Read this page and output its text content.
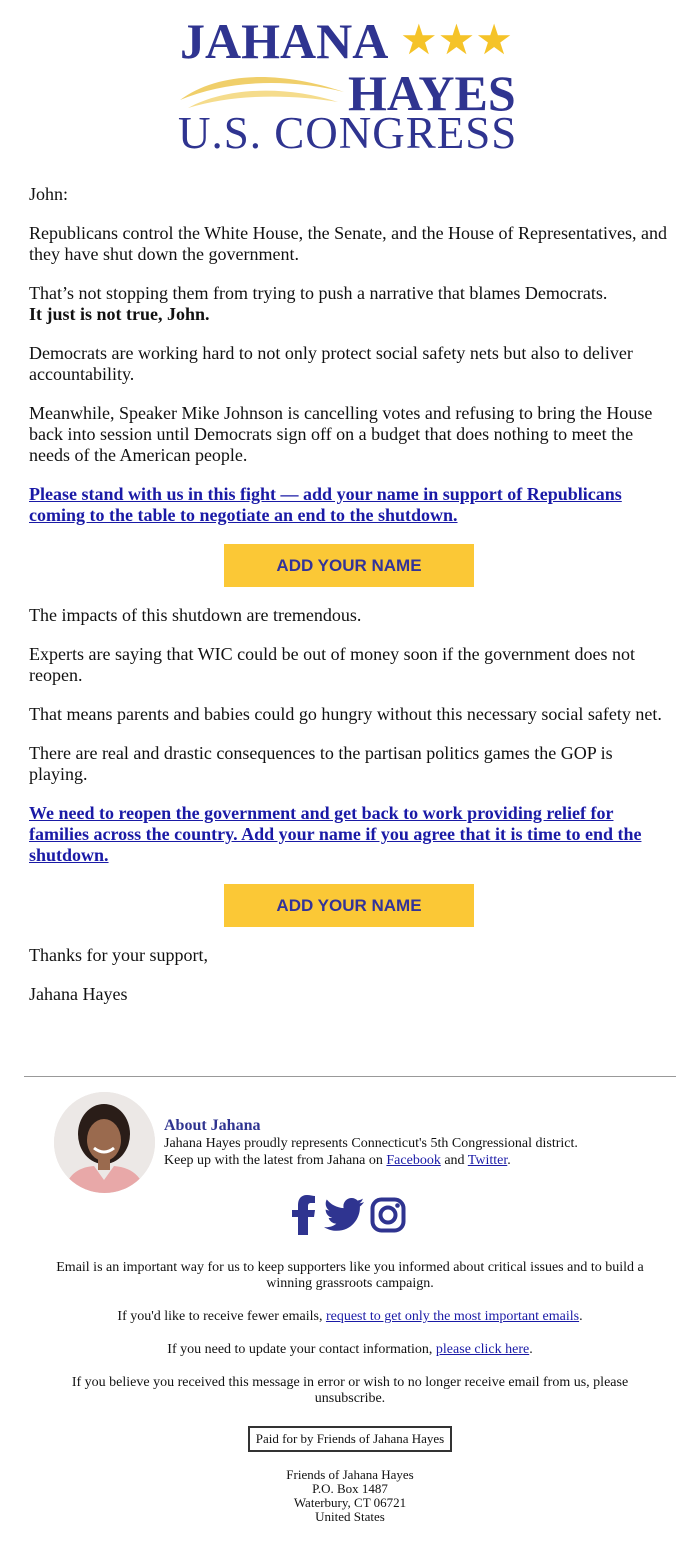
JAHANA ★★★
HAYES
U.S. CONGRESS

John:

Republicans control the White House, the Senate, and the House of Representatives, and they have shut down the government.

That’s not stopping them from trying to push a narrative that blames Democrats.
It just is not true, John.

Democrats are working hard to not only protect social safety nets but also to deliver accountability.

Meanwhile, Speaker Mike Johnson is cancelling votes and refusing to bring the House back into session until Democrats sign off on a budget that does nothing to meet the needs of the American people.

Please stand with us in this fight — add your name in support of Republicans coming to the table to negotiate an end to the shutdown.

ADD YOUR NAME

The impacts of this shutdown are tremendous.

Experts are saying that WIC could be out of money soon if the government does not reopen.

That means parents and babies could go hungry without this necessary social safety net.

There are real and drastic consequences to the partisan politics games the GOP is playing.

We need to reopen the government and get back to work providing relief for families across the country. Add your name if you agree that it is time to end the shutdown.

ADD YOUR NAME

Thanks for your support,

Jahana Hayes

About Jahana
Jahana Hayes proudly represents Connecticut's 5th Congressional district.
Keep up with the latest from Jahana on Facebook and Twitter.

Email is an important way for us to keep supporters like you informed about critical issues and to build a winning grassroots campaign.

If you'd like to receive fewer emails, request to get only the most important emails.

If you need to update your contact information, please click here.

If you believe you received this message in error or wish to no longer receive email from us, please unsubscribe.

Paid for by Friends of Jahana Hayes
Friends of Jahana Hayes
P.O. Box 1487
Waterbury, CT 06721
United States
